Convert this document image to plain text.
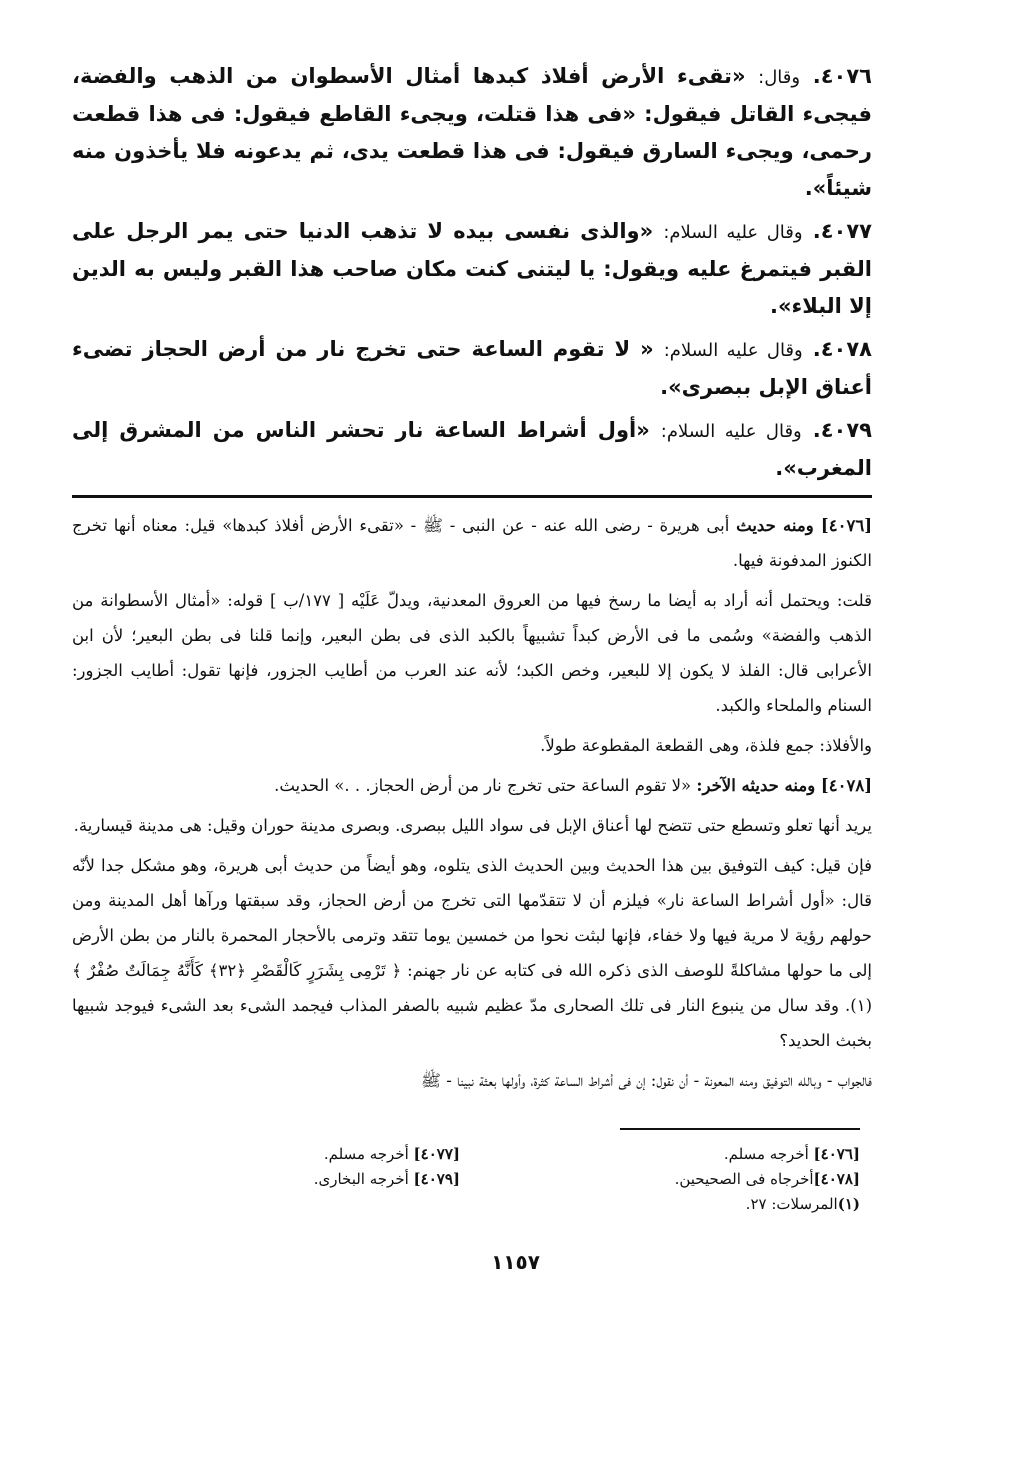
٤٠٧٦. وقال: «تقىء الأرض أفلاذ كبدها أمثال الأسطوان من الذهب والفضة، فيجىء القاتل فيقول: «فى هذا قتلت، ويجىء القاطع فيقول: فى هذا قطعت رحمى، ويجىء السارق فيقول: فى هذا قطعت يدى، ثم يدعونه فلا يأخذون منه شيئاً».

٤٠٧٧. وقال عليه السلام: «والذى نفسى بيده لا تذهب الدنيا حتى يمر الرجل على القبر فيتمرغ عليه ويقول: يا ليتنى كنت مكان صاحب هذا القبر وليس به الدين إلا البلاء».

٤٠٧٨. وقال عليه السلام: « لا تقوم الساعة حتى تخرج نار من أرض الحجاز تضىء أعناق الإبل ببصرى».

٤٠٧٩. وقال عليه السلام: «أول أشراط الساعة نار تحشر الناس من المشرق إلى المغرب».

[٤٠٧٦] ومنه حديث أبى هريرة - رضى الله عنه - عن النبى - ﷺ - «تقىء الأرض أفلاذ كبدها» قيل: معناه أنها تخرج الكنوز المدفونة فيها.

قلت: ويحتمل أنه أراد به أيضا ما رسخ فيها من العروق المعدنية، ويدلّ عَلَيْه [ ١٧٧/ب ] قوله: «أمثال الأسطوانة من الذهب والفضة» وسُمى ما فى الأرض كبداً تشبيهاً بالكبد الذى فى بطن البعير، وإنما قلنا فى بطن البعير؛ لأن ابن الأعرابى قال: الفلذ لا يكون إلا للبعير، وخص الكبد؛ لأنه عند العرب من أطايب الجزور، فإنها تقول: أطايب الجزور: السنام والملحاء والكبد.

والأفلاذ: جمع فلذة، وهى القطعة المقطوعة طولاً.

[٤٠٧٨] ومنه حديثه الآخر: «لا تقوم الساعة حتى تخرج نار من أرض الحجاز. . .» الحديث.

يريد أنها تعلو وتسطع حتى تتضح لها أعناق الإبل فى سواد الليل ببصرى. وبصرى مدينة حوران وقيل: هى مدينة قيسارية.

فإن قيل: كيف التوفيق بين هذا الحديث وبين الحديث الذى يتلوه، وهو أيضاً من حديث أبى هريرة، وهو مشكل جدا لأنّه قال: «أول أشراط الساعة نار» فيلزم أن لا تتقدّمها التى تخرج من أرض الحجاز، وقد سبقتها ورآها أهل المدينة ومن حولهم رؤية لا مرية فيها ولا خفاء، فإنها لبثت نحوا من خمسين يوما تتقد وترمى بالأحجار المحمرة بالنار من بطن الأرض إلى ما حولها مشاكلةً للوصف الذى ذكره الله فى كتابه عن نار جهنم: ﴿ تَرْمِى بِشَرَرٍ كَالْقَصْرِ ﴿٣٢﴾ كَأَنَّهُ جِمَالَتٌ صُفْرٌ ﴾(١). وقد سال من ينبوع النار فى تلك الصحارى مدّ عظيم شبيه بالصفر المذاب فيجمد الشىء بعد الشىء فيوجد شبيها بخبث الحديد؟

فالجواب - وبالله التوفيق ومنه المعونة - أن نقول: إن فى أشراط الساعة كثرة، وأولها بعثة نبينا - ﷺ

[٤٠٧٦] أخرجه مسلم.
[٤٠٧٨]أخرجاه فى الصحيحين.
(١)المرسلات: ٢٧.
[٤٠٧٧] أخرجه مسلم.
[٤٠٧٩] أخرجه البخارى.
١١٥٧
